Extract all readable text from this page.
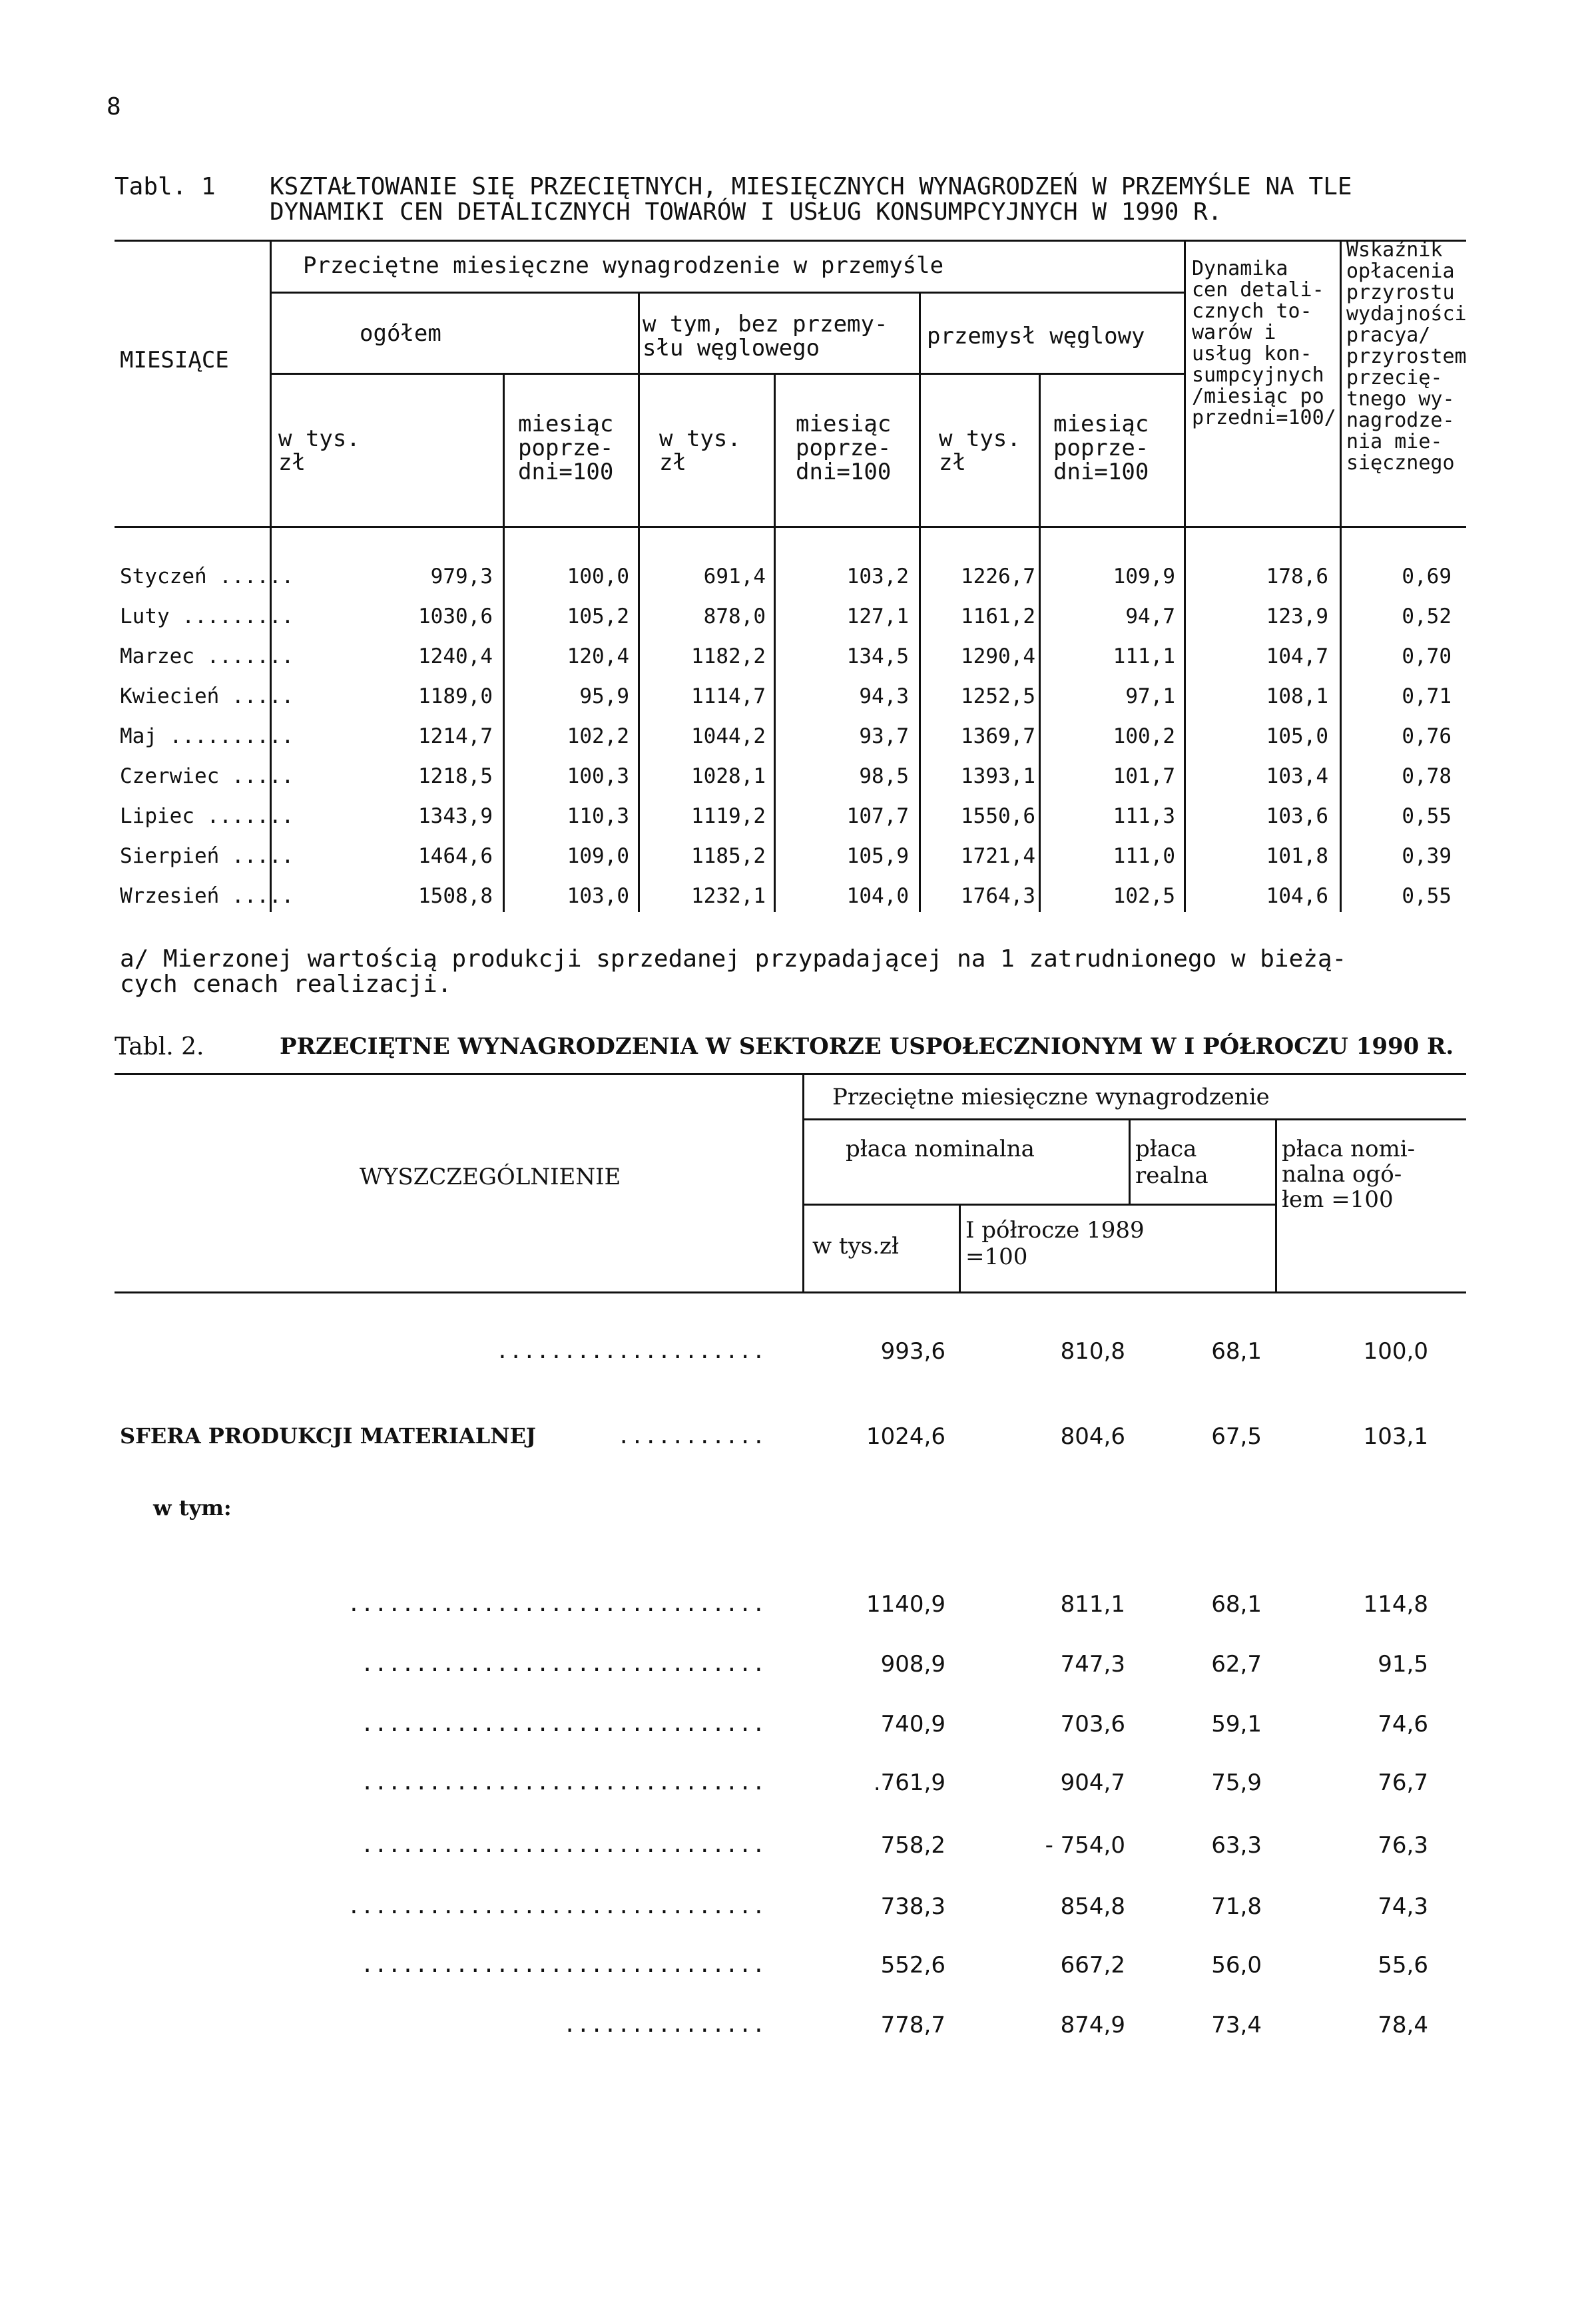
8
Tabl. 1 KSZTAŁTOWANIE SIĘ PRZECIĘTNYCH, MIESIĘCZNYCH WYNAGRODZEŃ W PRZEMYŚLE NA TLE
DYNAMIKI CEN DETALICZNYCH TOWARÓW I USŁUG KONSUMPCYJNYCH W 1990 R.
MIESIĄCE
Przeciętne miesięczne wynagrodzenie w przemyśle
ogółem	w tym, bez przemy-
słu węglowego	przemysł węglowy
w tys.
zł
miesiąc
poprze-
dni=100
w tys.
zł
miesiąc
poprze-
dni=100
w tys.
zł
miesiąc
poprze-
dni=100
Dynamika
cen detali-
cznych to-
warów i
usług kon-
sumpcyjnych
/miesiąc po
przedni=100/
Wskaźnik
opłacenia
przyrostu
wydajności
pracya/
przyrostem
przecię-
tnego wy-
nagrodze-
nia mie-
sięcznego
Styczeń ......	979,3	100,0	691,4	103,2	1226,7	109,9	178,6	0,69
Luty .........	1030,6	105,2	878,0	127,1	1161,2	94,7	123,9	0,52
Marzec .......	1240,4	120,4	1182,2	134,5	1290,4	111,1	104,7	0,70
Kwiecień .....	1189,0	95,9	1114,7	94,3	1252,5	97,1	108,1	0,71
Maj ..........	1214,7	102,2	1044,2	93,7	1369,7	100,2	105,0	0,76
Czerwiec .....	1218,5	100,3	1028,1	98,5	1393,1	101,7	103,4	0,78
Lipiec .......	1343,9	110,3	1119,2	107,7	1550,6	111,3	103,6	0,55
Sierpień .....	1464,6	109,0	1185,2	105,9	1721,4	111,0	101,8	0,39
Wrzesień .....	1508,8	103,0	1232,1	104,0	1764,3	102,5	104,6	0,55
a/ Mierzonej wartością produkcji sprzedanej przypadającej na 1 zatrudnionego w bieżą-
cych cenach realizacji.
Tabl. 2.	PRZECIĘTNE WYNAGRODZENIA W SEKTORZE USPOŁECZNIONYM W I PÓŁROCZU 1990 R.
WYSZCZEGÓLNIENIE
Przeciętne miesięczne wynagrodzenie
płaca nominalna	płaca
realna
płaca nomi-
nalna ogó-
łem =100
w tys.zł
I półrocze 1989
=100
....................	993,6	810,8	68,1	100,0
SFERA PRODUKCJI MATERIALNEJ	...........	1024,6	804,6	67,5	103,1
w tym:
...............................	1140,9	811,1	68,1	114,8
..............................	908,9	747,3	62,7	91,5
..............................	740,9	703,6	59,1	74,6
..............................	.761,9	904,7	75,9	76,7
..............................	758,2	- 754,0	63,3	76,3
...............................	738,3	854,8	71,8	74,3
..............................	552,6	667,2	56,0	55,6
...............	778,7	874,9	73,4	78,4
